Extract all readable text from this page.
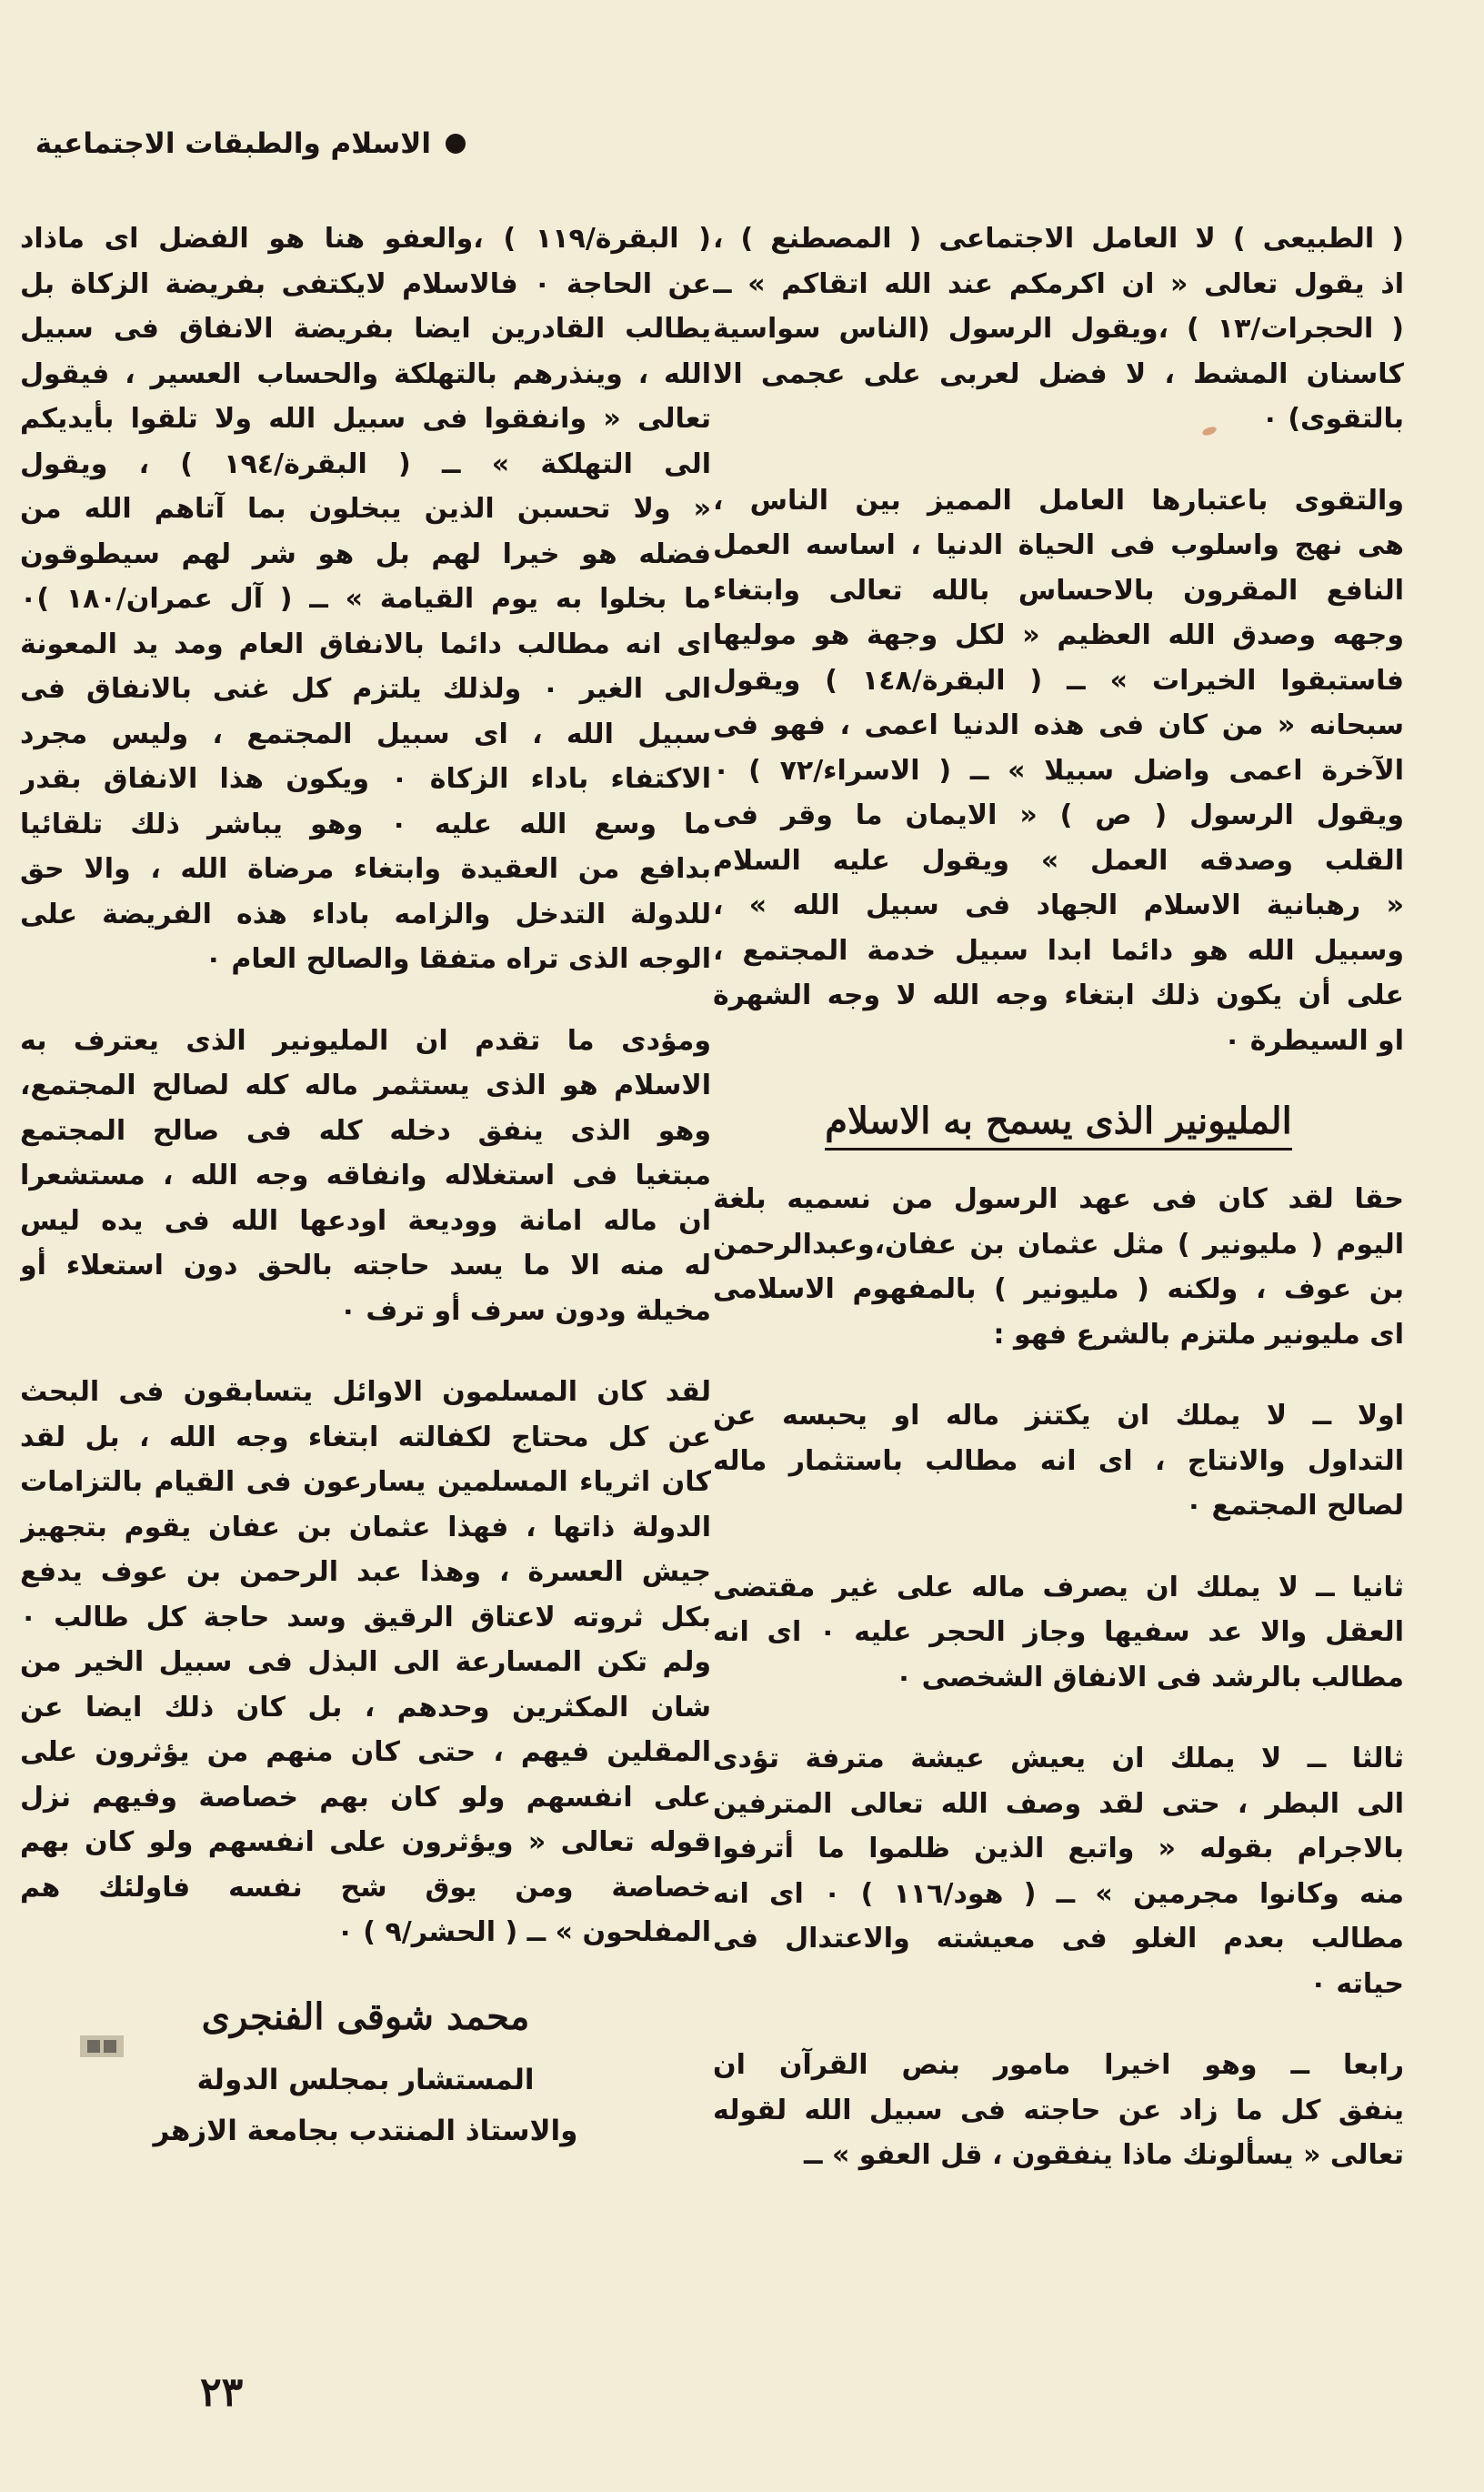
الاسلام والطبقات الاجتماعية
( الطبيعى ) لا العامل الاجتماعى ( المصطنع ) ،
اذ يقول تعالى « ان اكرمكم عند الله اتقاكم » ــ
( الحجرات/١٣ ) ،ويقول الرسول (الناس سواسية
كاسنان المشط ، لا فضل لعربى على عجمى الا
بالتقوى) ٠
والتقوى باعتبارها العامل المميز بين الناس ،
هى نهج واسلوب فى الحياة الدنيا ، اساسه العمل
النافع المقرون بالاحساس بالله تعالى وابتغاء
وجهه وصدق الله العظيم « لكل وجهة هو موليها
فاستبقوا الخيرات » ــ ( البقرة/١٤٨ ) ويقول
سبحانه « من كان فى هذه الدنيا اعمى ، فهو فى
الآخرة اعمى واضل سبيلا » ــ ( الاسراء/٧٢ ) ٠
ويقول الرسول ( ص ) « الايمان ما وقر فى
القلب وصدقه العمل » ويقول عليه السلام
« رهبانية الاسلام الجهاد فى سبيل الله » ،
وسبيل الله هو دائما ابدا سبيل خدمة المجتمع ،
على أن يكون ذلك ابتغاء وجه الله لا وجه الشهرة
او السيطرة ٠
المليونير الذى يسمح به الاسلام
حقا لقد كان فى عهد الرسول من نسميه بلغة
اليوم ( مليونير ) مثل عثمان بن عفان،وعبدالرحمن
بن عوف ، ولكنه ( مليونير ) بالمفهوم الاسلامى
اى مليونير ملتزم بالشرع فهو :
اولا ــ لا يملك ان يكتنز ماله او يحبسه عن
التداول والانتاج ، اى انه مطالب باستثمار ماله
لصالح المجتمع ٠
ثانيا ــ لا يملك ان يصرف ماله على غير مقتضى
العقل والا عد سفيها وجاز الحجر عليه ٠ اى انه
مطالب بالرشد فى الانفاق الشخصى ٠
ثالثا ــ لا يملك ان يعيش عيشة مترفة تؤدى
الى البطر ، حتى لقد وصف الله تعالى المترفين
بالاجرام بقوله « واتبع الذين ظلموا ما أترفوا
منه وكانوا مجرمين » ــ ( هود/١١٦ ) ٠ اى انه
مطالب بعدم الغلو فى معيشته والاعتدال فى
حياته ٠
رابعا ــ وهو اخيرا مامور بنص القرآن ان
ينفق كل ما زاد عن حاجته فى سبيل الله لقوله
تعالى « يسألونك ماذا ينفقون ، قل العفو » ــ
( البقرة/١١٩ ) ،والعفو هنا هو الفضل اى ماذاد
عن الحاجة ٠ فالاسلام لايكتفى بفريضة الزكاة بل
يطالب القادرين ايضا بفريضة الانفاق فى سبيل
الله ، وينذرهم بالتهلكة والحساب العسير ، فيقول
تعالى « وانفقوا فى سبيل الله ولا تلقوا بأيديكم
الى التهلكة » ــ ( البقرة/١٩٤ ) ، ويقول
« ولا تحسبن الذين يبخلون بما آتاهم الله من
فضله هو خيرا لهم بل هو شر لهم سيطوقون
ما بخلوا به يوم القيامة » ــ ( آل عمران/١٨٠ )٠
اى انه مطالب دائما بالانفاق العام ومد يد المعونة
الى الغير ٠ ولذلك يلتزم كل غنى بالانفاق فى
سبيل الله ، اى سبيل المجتمع ، وليس مجرد
الاكتفاء باداء الزكاة ٠ ويكون هذا الانفاق بقدر
ما وسع الله عليه ٠ وهو يباشر ذلك تلقائيا
بدافع من العقيدة وابتغاء مرضاة الله ، والا حق
للدولة التدخل والزامه باداء هذه الفريضة على
الوجه الذى تراه متفقا والصالح العام ٠
ومؤدى ما تقدم ان المليونير الذى يعترف به
الاسلام هو الذى يستثمر ماله كله لصالح المجتمع،
وهو الذى ينفق دخله كله فى صالح المجتمع
مبتغيا فى استغلاله وانفاقه وجه الله ، مستشعرا
ان ماله امانة ووديعة اودعها الله فى يده ليس
له منه الا ما يسد حاجته بالحق دون استعلاء أو
مخيلة ودون سرف أو ترف ٠
لقد كان المسلمون الاوائل يتسابقون فى البحث
عن كل محتاج لكفالته ابتغاء وجه الله ، بل لقد
كان اثرياء المسلمين يسارعون فى القيام بالتزامات
الدولة ذاتها ، فهذا عثمان بن عفان يقوم بتجهيز
جيش العسرة ، وهذا عبد الرحمن بن عوف يدفع
بكل ثروته لاعتاق الرقيق وسد حاجة كل طالب ٠
ولم تكن المسارعة الى البذل فى سبيل الخير من
شان المكثرين وحدهم ، بل كان ذلك ايضا عن
المقلين فيهم ، حتى كان منهم من يؤثرون على
على انفسهم ولو كان بهم خصاصة وفيهم نزل
قوله تعالى « ويؤثرون على انفسهم ولو كان بهم
خصاصة ومن يوق شح نفسه فاولئك هم
المفلحون » ــ ( الحشر/٩ ) ٠
محمد شوقى الفنجرى
المستشار بمجلس الدولة
والاستاذ المنتدب بجامعة الازهر
٢٣
